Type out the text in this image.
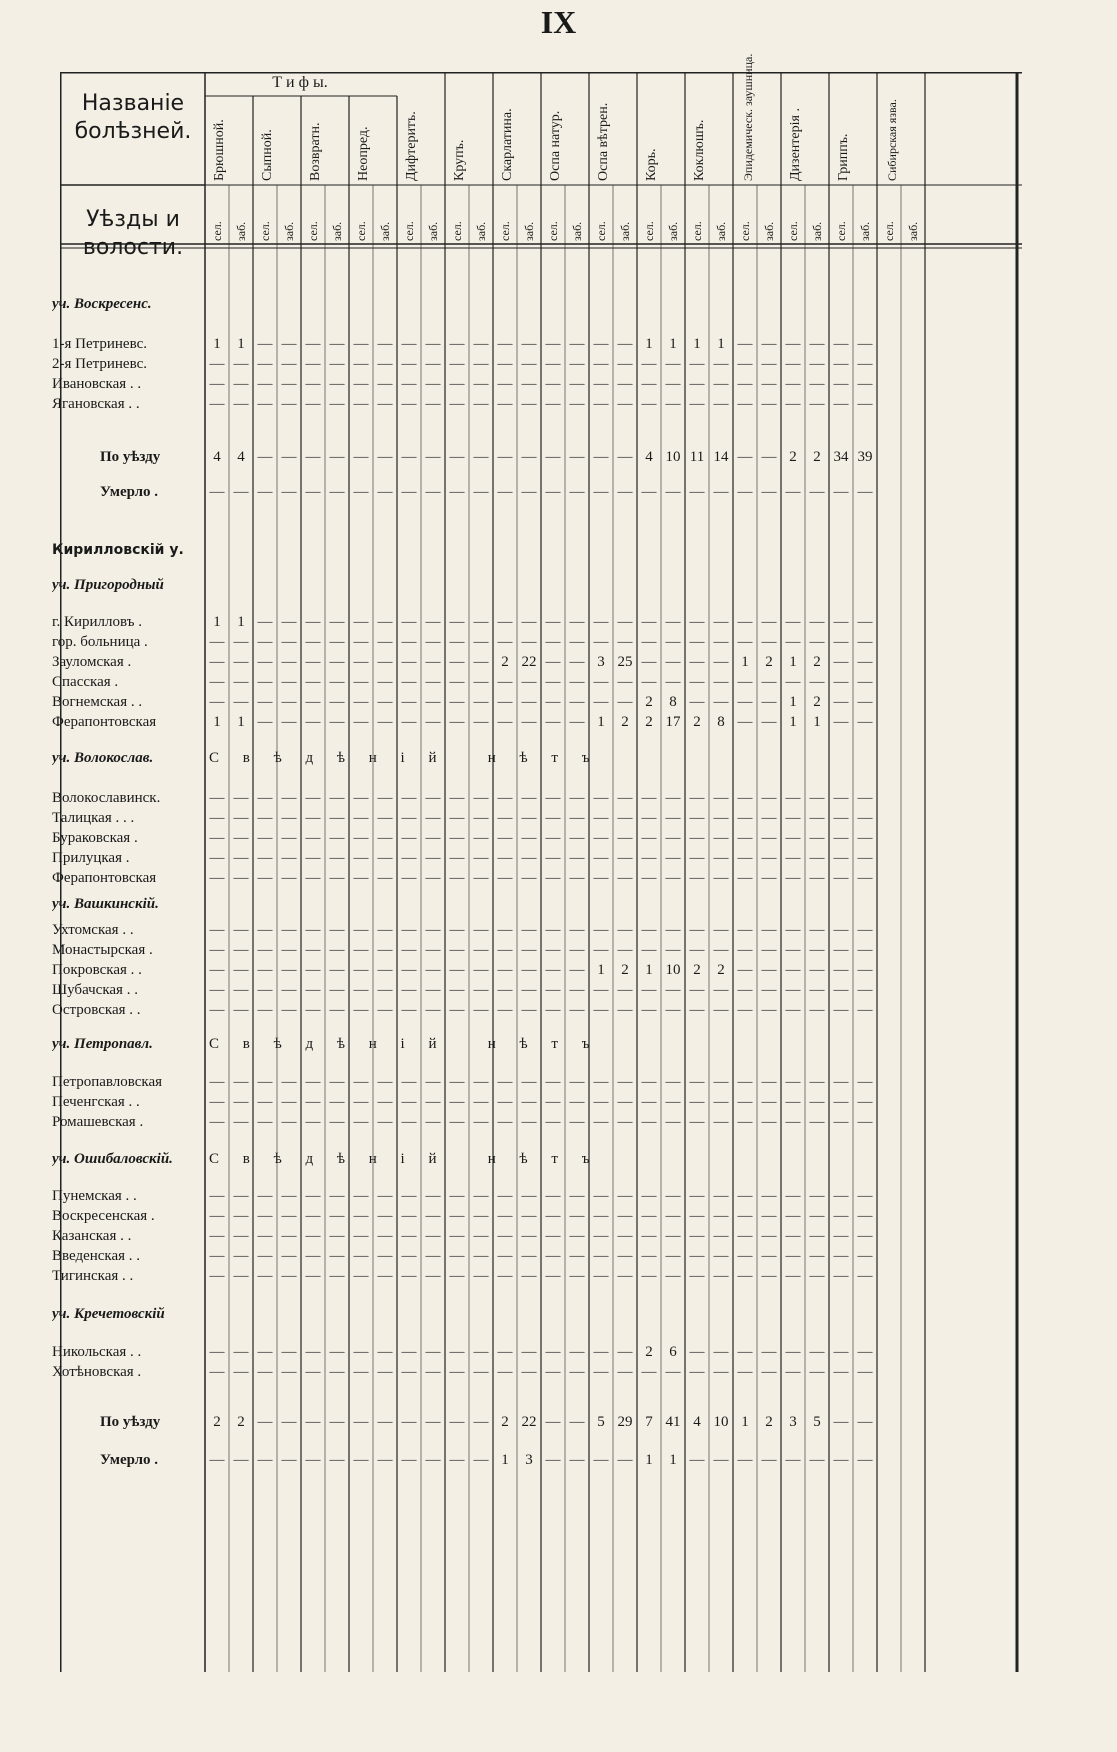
IX
Названіе болѣзней.
Уѣзды и волости.
Т и ф ы.
Брюшной.
сел. заб.
Сыпной.
сел. заб.
Возвратн.
сел. заб.
Неопред.
сел. заб.
Дифтеритъ.
сел. заб.
Крупъ.
сел. заб.
Скарлатина.
сел. заб.
Оспа натур.
сел. заб.
Оспа вѣтрен.
сел. заб.
Корь.
сел. заб.
Коклюшъ.
сел. заб.
Эпидемическ. заушница.
сел. заб.
Дизентерія .
сел. заб.
Гриппъ.
сел. заб.
Сибирская язва.
сел. заб.
уч. Воскресенс.
1-я Петриневс.	1	1 — — — — — — — — — — — — — — — — 1	1	1	1 — — — — — —
2-я Петриневс.	— — — — — — — — — — — — — — — — — — — — — — — — — — — —
Ивановская . .	— — — — — — — — — — — — — — — — — — — — — — — — — — — —
Ягановская . .	— — — — — — — — — — — — — — — — — — — — — — — — — — — —
По уѣзду	4	4 — — — — — — — — — — — — — — — — 4 10 11 14 — — 2	2 34 39
Умерло .	— — — — — — — — — — — — — — — — — — — — — — — — — — — —
Кирилловскій у.
уч. Пригородный
г. Кирилловъ .	1	1 — — — — — — — — — — — — — — — — — — — — — — — — — —
гор. больница .	— — — — — — — — — — — — — — — — — — — — — — — — — — — —
Зауломская .	— — — — — — — — — — — — 2 22 — — 3 25 — — — — 1	2	1	2 — —
Спасская .	— — — — — — — — — — — — — — — — — — — — — — — — — — — —
Вогнемская . .	— — — — — — — — — — — — — — — — — — 2	8 — — — — 1	2 — —
Ферапонтовская	1	1 — — — — — — — — — — — — — — 1	2	2 17 2	8 — — 1	1 — —
уч. Волокослав.	С в ѣ д ѣ н і й   н ѣ т ъ
Волокославинск.	— — — — — — — — — — — — — — — — — — — — — — — — — — — —
Талицкая . . .	— — — — — — — — — — — — — — — — — — — — — — — — — — — —
Бураковская .	— — — — — — — — — — — — — — — — — — — — — — — — — — — —
Прилуцкая .	— — — — — — — — — — — — — — — — — — — — — — — — — — — —
Ферапонтовская	— — — — — — — — — — — — — — — — — — — — — — — — — — — —
уч. Вашкинскій.
Ухтомская . .	— — — — — — — — — — — — — — — — — — — — — — — — — — — —
Монастырская .	— — — — — — — — — — — — — — — — — — — — — — — — — — — —
Покровская . .	— — — — — — — — — — — — — — — — 1	2	1 10 2	2 — — — — — —
Шубачская . .	— — — — — — — — — — — — — — — — — — — — — — — — — — — —
Островская . .	— — — — — — — — — — — — — — — — — — — — — — — — — — — —
уч. Петропавл.	С в ѣ д ѣ н і й   н ѣ т ъ
Петропавловская	— — — — — — — — — — — — — — — — — — — — — — — — — — — —
Печенгская . .	— — — — — — — — — — — — — — — — — — — — — — — — — — — —
Ромашевская .	— — — — — — — — — — — — — — — — — — — — — — — — — — — —
уч. Ошибаловскій.	С в ѣ д ѣ н і й   н ѣ т ъ
Пунемская . .	— — — — — — — — — — — — — — — — — — — — — — — — — — — —
Воскресенская .	— — — — — — — — — — — — — — — — — — — — — — — — — — — —
Казанская . .	— — — — — — — — — — — — — — — — — — — — — — — — — — — —
Введенская . .	— — — — — — — — — — — — — — — — — — — — — — — — — — — —
Тигинская . .	— — — — — — — — — — — — — — — — — — — — — — — — — — — —
уч. Кречетовскій
Никольская . .	— — — — — — — — — — — — — — — — — — 2	6 — — — — — — — —
Хотѣновская .	— — — — — — — — — — — — — — — — — — — — — — — — — — — —
По уѣзду	2	2 — — — — — — — — — — 2 22 — — 5 29 7 41 4 10 1	2	3	5 — —
Умерло .	— — — — — — — — — — — — 1	3 — — — — 1	1 — — — — — — — —
